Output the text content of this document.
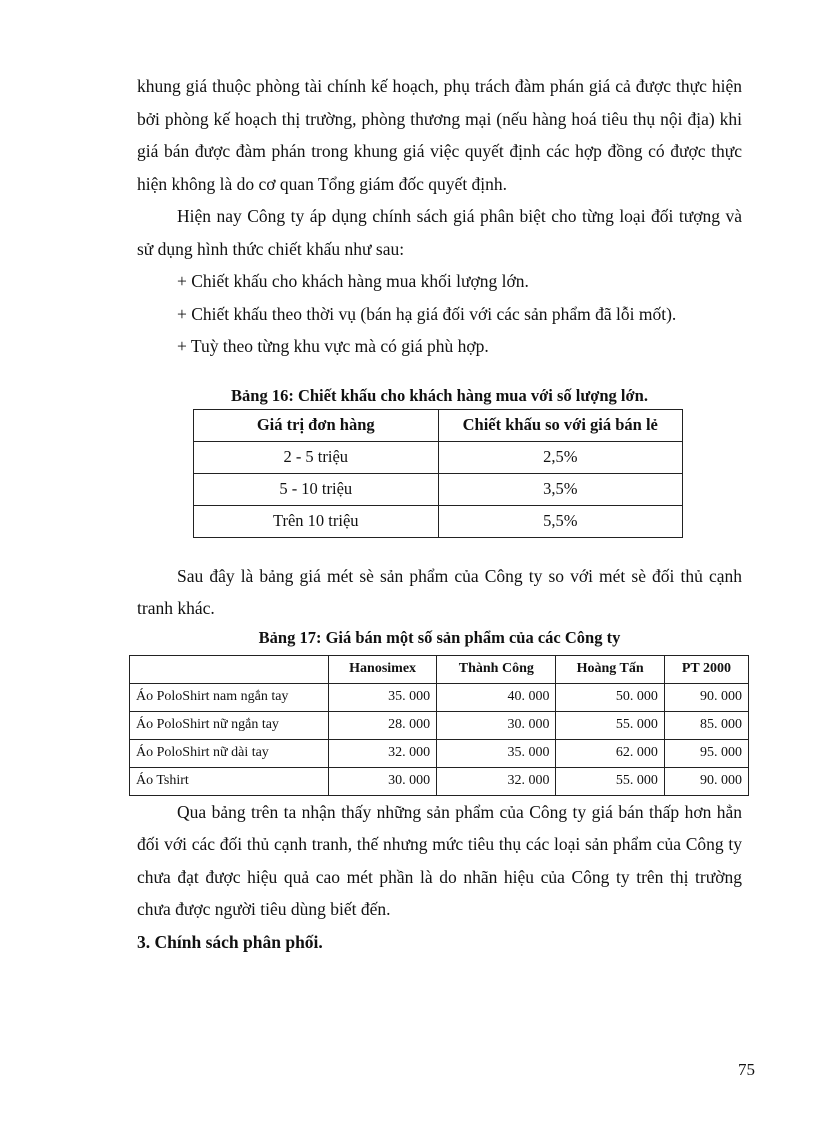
khung giá thuộc phòng tài chính kế hoạch, phụ trách đàm phán giá cả được thực hiện bởi phòng kế hoạch thị trường, phòng thương mại (nếu hàng hoá tiêu thụ nội địa) khi giá bán được đàm phán trong khung giá việc quyết định các hợp đồng có được thực hiện không là do cơ quan Tổng giám đốc quyết định.

Hiện nay Công ty áp dụng chính sách giá phân biệt cho từng loại đối tượng và sử dụng hình thức chiết khấu như sau:

+ Chiết khấu cho khách hàng mua khối lượng lớn.

+ Chiết khấu theo thời vụ (bán hạ giá đối với các sản phẩm đã lỗi mốt).

+ Tuỳ theo từng khu vực mà có giá phù hợp.

Bảng 16: Chiết khấu cho khách hàng mua với số lượng lớn.

Giá trị đơn hàng	Chiết khấu so với giá bán lẻ
2 - 5 triệu	2,5%
5 - 10 triệu	3,5%
Trên 10 triệu	5,5%

Sau đây là bảng giá mét sè sản phẩm của Công ty so với mét sè đối thủ cạnh tranh khác.

Bảng 17: Giá bán một số sản phẩm của các Công ty

	Hanosimex	Thành Công	Hoàng Tấn	PT 2000
Áo PoloShirt nam ngắn tay	35. 000	40. 000	50. 000	90. 000
Áo PoloShirt nữ ngắn tay	28. 000	30. 000	55. 000	85. 000
Áo PoloShirt nữ dài tay	32. 000	35. 000	62. 000	95. 000
Áo Tshirt	30. 000	32. 000	55. 000	90. 000

Qua bảng trên ta nhận thấy những sản phẩm của Công ty giá bán thấp hơn hẳn đối với các đối thủ cạnh tranh, thế nhưng mức tiêu thụ các loại sản phẩm của Công ty chưa đạt được hiệu quả cao mét phần là do nhãn hiệu của Công ty trên thị trường chưa được người tiêu dùng biết đến.

3. Chính sách phân phối.

75
